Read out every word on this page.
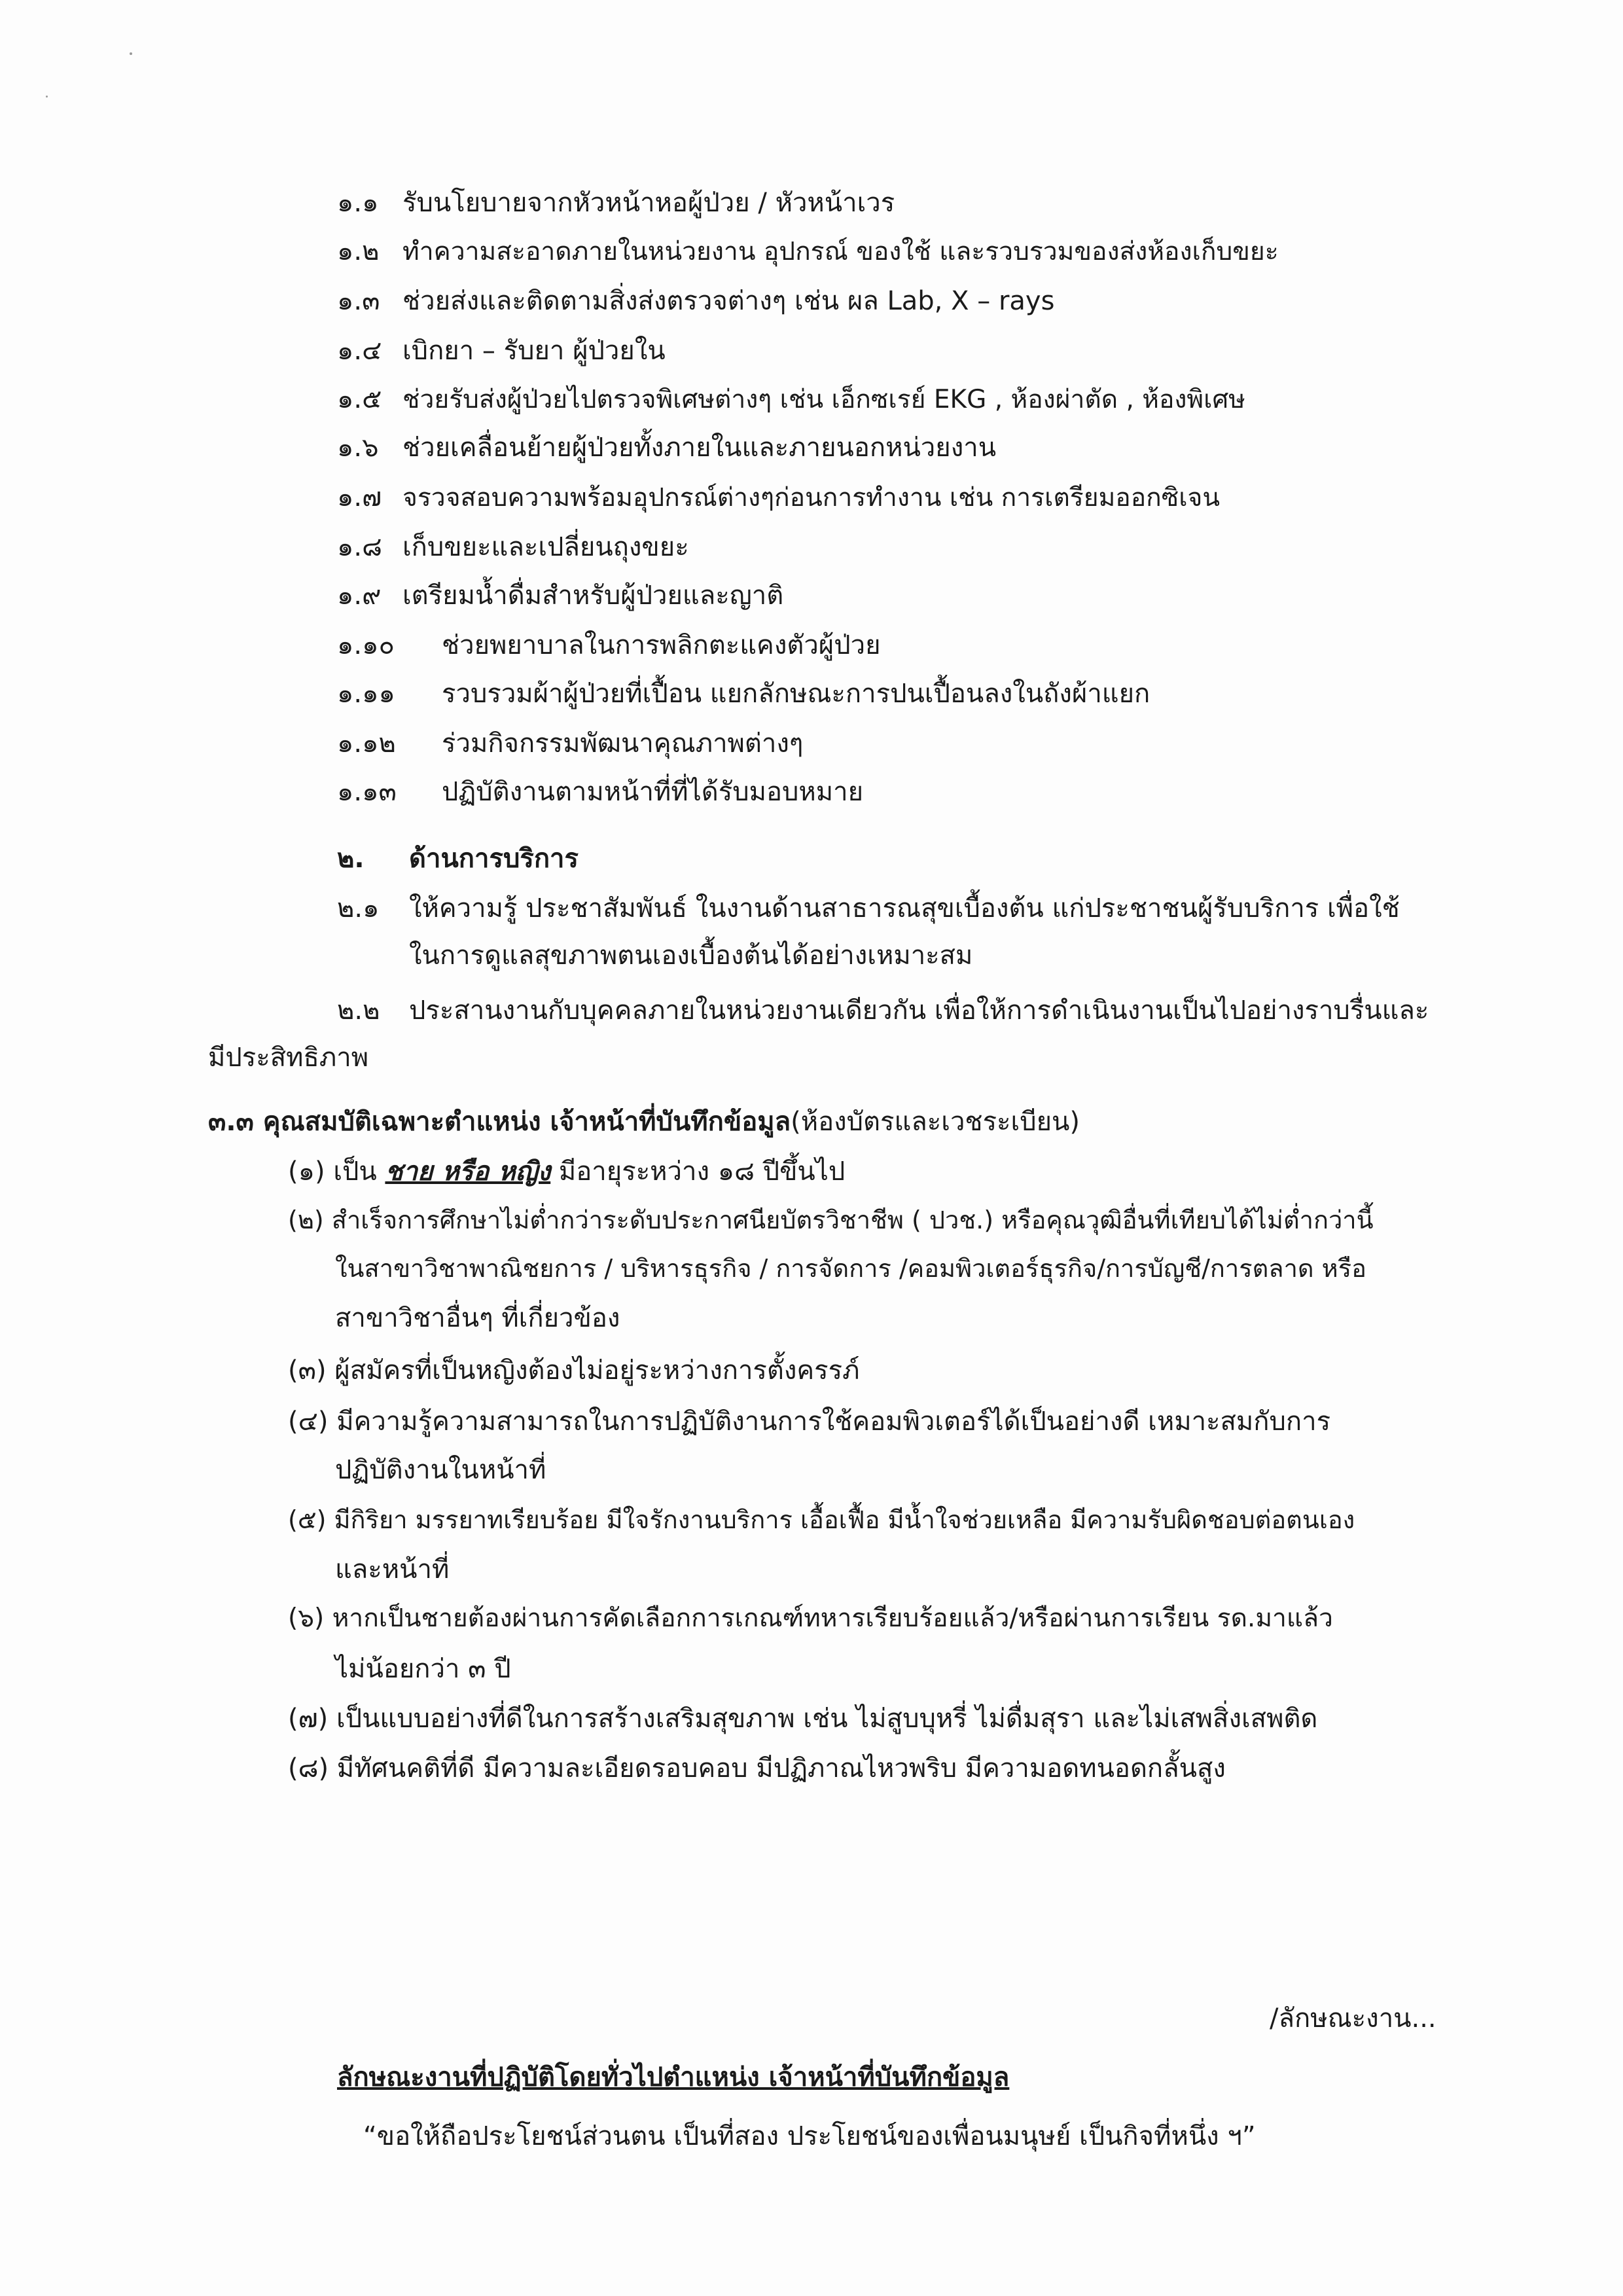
๑.๑ รับนโยบายจากหัวหน้าหอผู้ป่วย / หัวหน้าเวร
๑.๒ ทำความสะอาดภายในหน่วยงาน อุปกรณ์ ของใช้ และรวบรวมของส่งห้องเก็บขยะ
๑.๓ ช่วยส่งและติดตามสิ่งส่งตรวจต่างๆ เช่น ผล Lab, X – rays
๑.๔ เบิกยา – รับยา ผู้ป่วยใน
๑.๕ ช่วยรับส่งผู้ป่วยไปตรวจพิเศษต่างๆ เช่น เอ็กซเรย์ EKG , ห้องผ่าตัด , ห้องพิเศษ
๑.๖ ช่วยเคลื่อนย้ายผู้ป่วยทั้งภายในและภายนอกหน่วยงาน
๑.๗ จรวจสอบความพร้อมอุปกรณ์ต่างๆก่อนการทำงาน เช่น การเตรียมออกซิเจน
๑.๘ เก็บขยะและเปลี่ยนถุงขยะ
๑.๙ เตรียมน้ำดื่มสำหรับผู้ป่วยและญาติ
๑.๑๐ ช่วยพยาบาลในการพลิกตะแคงตัวผู้ป่วย
๑.๑๑ รวบรวมผ้าผู้ป่วยที่เปื้อน แยกลักษณะการปนเปื้อนลงในถังผ้าแยก
๑.๑๒ ร่วมกิจกรรมพัฒนาคุณภาพต่างๆ
๑.๑๓ ปฏิบัติงานตามหน้าที่ที่ได้รับมอบหมาย
๒. ด้านการบริการ
๒.๑ ให้ความรู้ ประชาสัมพันธ์ ในงานด้านสาธารณสุขเบื้องต้น แก่ประชาชนผู้รับบริการ เพื่อใช้
ในการดูแลสุขภาพตนเองเบื้องต้นได้อย่างเหมาะสม
๒.๒ ประสานงานกับบุคคลภายในหน่วยงานเดียวกัน เพื่อให้การดำเนินงานเป็นไปอย่างราบรื่นและ
มีประสิทธิภาพ
๓.๓ คุณสมบัติเฉพาะตำแหน่ง เจ้าหน้าที่บันทึกข้อมูล(ห้องบัตรและเวชระเบียน)
(๑) เป็น ชาย หรือ หญิง มีอายุระหว่าง ๑๘ ปีขึ้นไป
(๒) สำเร็จการศึกษาไม่ต่ำกว่าระดับประกาศนียบัตรวิชาชีพ ( ปวช.) หรือคุณวุฒิอื่นที่เทียบได้ไม่ต่ำกว่านี้
ในสาขาวิชาพาณิชยการ / บริหารธุรกิจ / การจัดการ /คอมพิวเตอร์ธุรกิจ/การบัญชี/การตลาด หรือ
สาขาวิชาอื่นๆ ที่เกี่ยวข้อง
(๓) ผู้สมัครที่เป็นหญิงต้องไม่อยู่ระหว่างการตั้งครรภ์
(๔) มีความรู้ความสามารถในการปฏิบัติงานการใช้คอมพิวเตอร์ได้เป็นอย่างดี เหมาะสมกับการ
ปฏิบัติงานในหน้าที่
(๕) มีกิริยา มรรยาทเรียบร้อย มีใจรักงานบริการ เอื้อเฟื้อ มีน้ำใจช่วยเหลือ มีความรับผิดชอบต่อตนเอง
และหน้าที่
(๖) หากเป็นชายต้องผ่านการคัดเลือกการเกณฑ์ทหารเรียบร้อยแล้ว/หรือผ่านการเรียน รด.มาแล้ว
ไม่น้อยกว่า ๓ ปี
(๗) เป็นแบบอย่างที่ดีในการสร้างเสริมสุขภาพ เช่น ไม่สูบบุหรี่ ไม่ดื่มสุรา และไม่เสพสิ่งเสพติด
(๘) มีทัศนคติที่ดี มีความละเอียดรอบคอบ มีปฏิภาณไหวพริบ มีความอดทนอดกลั้นสูง
/ลักษณะงาน...
ลักษณะงานที่ปฏิบัติโดยทั่วไปตำแหน่ง เจ้าหน้าที่บันทึกข้อมูล
“ขอให้ถือประโยชน์ส่วนตน เป็นที่สอง ประโยชน์ของเพื่อนมนุษย์ เป็นกิจที่หนึ่ง ฯ”
